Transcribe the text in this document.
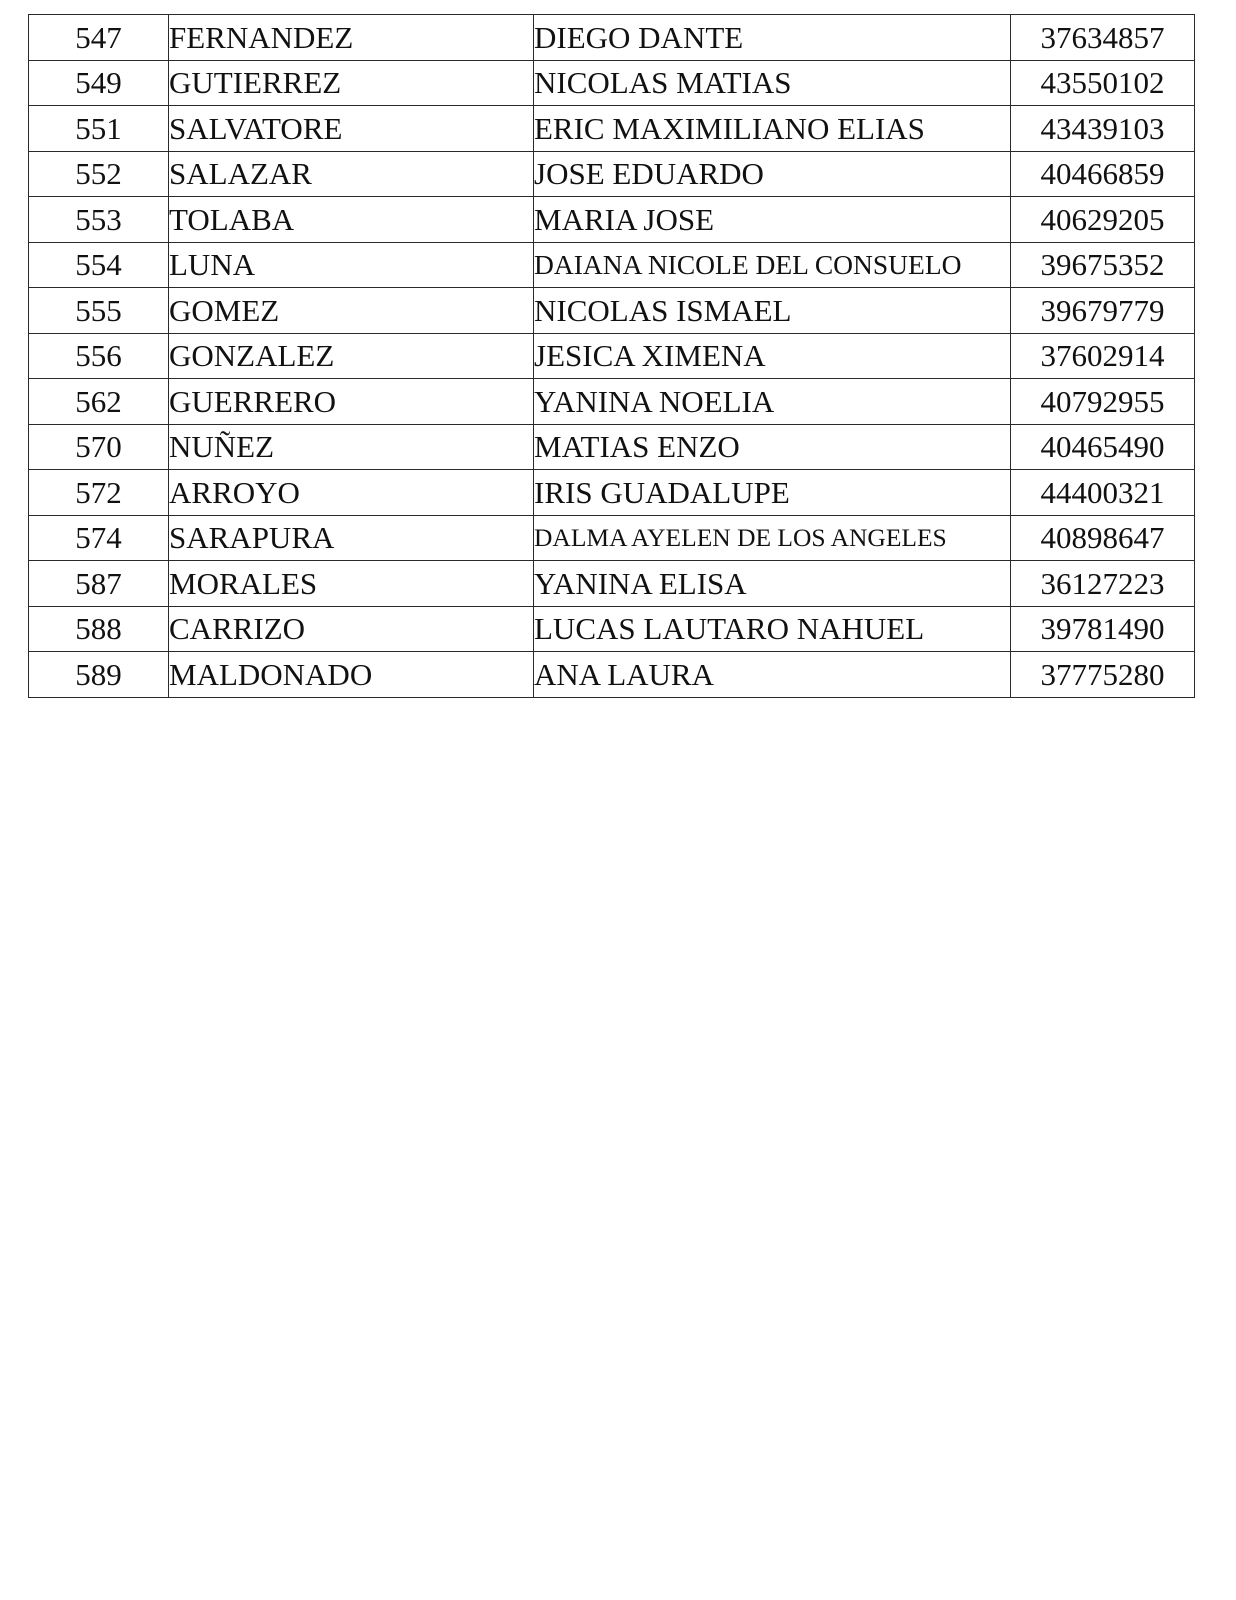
547	FERNANDEZ	DIEGO DANTE	37634857
549	GUTIERREZ	NICOLAS MATIAS	43550102
551	SALVATORE	ERIC MAXIMILIANO ELIAS	43439103
552	SALAZAR	JOSE EDUARDO	40466859
553	TOLABA	MARIA JOSE	40629205
554	LUNA	DAIANA NICOLE DEL CONSUELO	39675352
555	GOMEZ	NICOLAS ISMAEL	39679779
556	GONZALEZ	JESICA XIMENA	37602914
562	GUERRERO	YANINA NOELIA	40792955
570	NUÑEZ	MATIAS ENZO	40465490
572	ARROYO	IRIS GUADALUPE	44400321
574	SARAPURA	DALMA AYELEN DE LOS ANGELES	40898647
587	MORALES	YANINA ELISA	36127223
588	CARRIZO	LUCAS LAUTARO NAHUEL	39781490
589	MALDONADO	ANA LAURA	37775280
